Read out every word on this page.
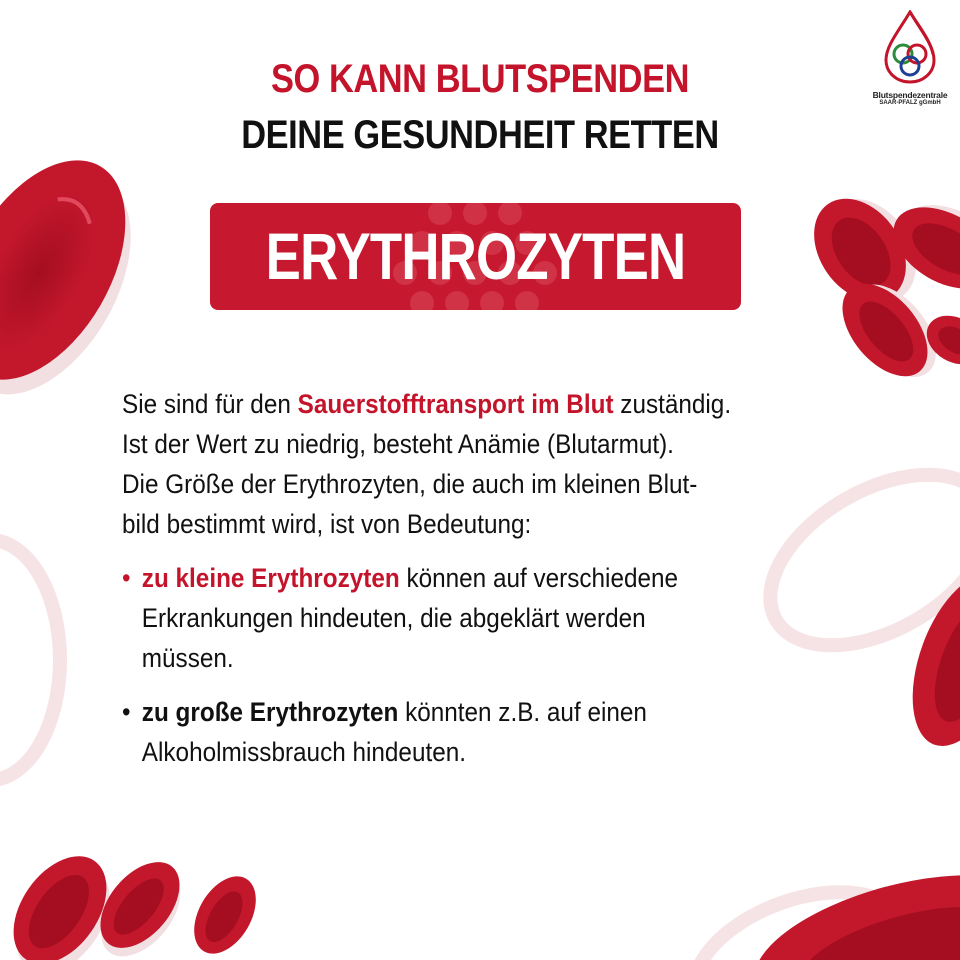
Blutspendezentrale
SAAR-PFALZ gGmbH
SO KANN BLUTSPENDEN
DEINE GESUNDHEIT RETTEN
ERYTHROZYTEN

Sie sind für den Sauerstofftransport im Blut zuständig.

Ist der Wert zu niedrig, besteht Anämie (Blutarmut).

Die Größe der Erythrozyten, die auch im kleinen Blut-

bild bestimmt wird, ist von Bedeutung:

• zu kleine Erythrozyten können auf verschiedene

Erkrankungen hindeuten, die abgeklärt werden

müssen.

• zu große Erythrozyten könnten z.B. auf einen

Alkoholmissbrauch hindeuten.
